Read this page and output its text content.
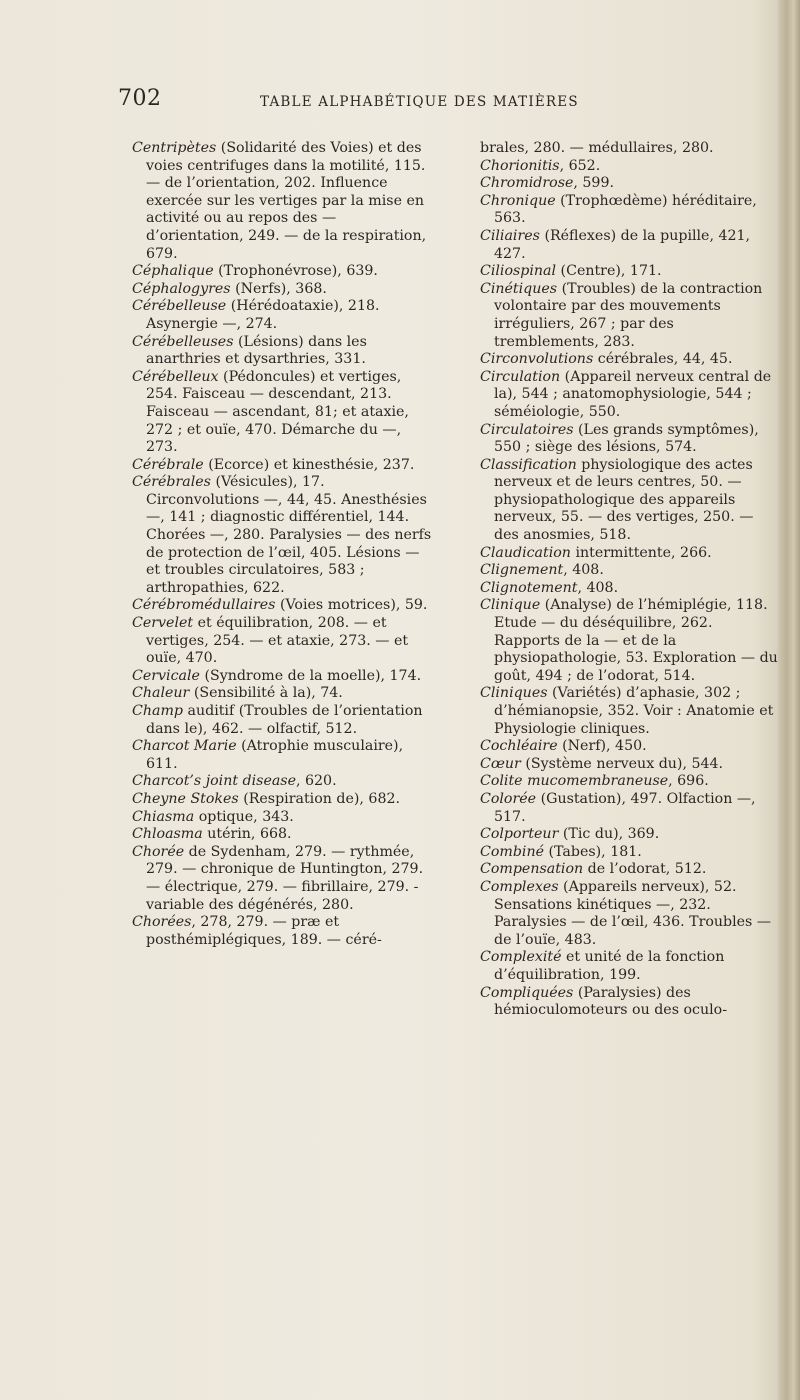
702	TABLE ALPHABÉTIQUE DES MATIÈRES

Centripètes (Solidarité des Voies) et des voies centrifuges dans la motilité, 115. — de l’orientation, 202. Influence exercée sur les vertiges par la mise en activité ou au repos des — d’orientation, 249. — de la respiration, 679.

Céphalique (Trophonévrose), 639.

Céphalogyres (Nerfs), 368.

Cérébelleuse (Hérédoataxie), 218. Asynergie —, 274.

Cérébelleuses (Lésions) dans les anarthries et dysarthries, 331.

Cérébelleux (Pédoncules) et vertiges, 254. Faisceau — descendant, 213. Faisceau — ascendant, 81; et ataxie, 272 ; et ouïe, 470. Démarche du —, 273.

Cérébrale (Ecorce) et kinesthésie, 237.

Cérébrales (Vésicules), 17. Circonvolutions —, 44, 45. Anesthésies —, 141 ; diagnostic différentiel, 144. Chorées —, 280. Paralysies — des nerfs de protection de l’œil, 405. Lésions — et troubles circulatoires, 583 ; arthropathies, 622.

Cérébromédullaires (Voies motrices), 59.

Cervelet et équilibration, 208. — et vertiges, 254. — et ataxie, 273. — et ouïe, 470.

Cervicale (Syndrome de la moelle), 174.

Chaleur (Sensibilité à la), 74.

Champ auditif (Troubles de l’orientation dans le), 462. — olfactif, 512.

Charcot Marie (Atrophie musculaire), 611.

Charcot’s joint disease, 620.

Cheyne Stokes (Respiration de), 682.

Chiasma optique, 343.

Chloasma utérin, 668.

Chorée de Sydenham, 279. — rythmée, 279. — chronique de Huntington, 279. — électrique, 279. — fibrillaire, 279. - variable des dégénérés, 280.

Chorées, 278, 279. — præ et posthémiplégiques, 189. — céré-

brales, 280. — médullaires, 280.

Chorionitis, 652.

Chromidrose, 599.

Chronique (Trophœdème) héréditaire, 563.

Ciliaires (Réflexes) de la pupille, 421, 427.

Ciliospinal (Centre), 171.

Cinétiques (Troubles) de la contraction volontaire par des mouvements irréguliers, 267 ; par des tremblements, 283.

Circonvolutions cérébrales, 44, 45.

Circulation (Appareil nerveux central de la), 544 ; anatomophysiologie, 544 ; séméiologie, 550.

Circulatoires (Les grands symptômes), 550 ; siège des lésions, 574.

Classification physiologique des actes nerveux et de leurs centres, 50. — physiopathologique des appareils nerveux, 55. — des vertiges, 250. — des anosmies, 518.

Claudication intermittente, 266.

Clignement, 408.

Clignotement, 408.

Clinique (Analyse) de l’hémiplégie, 118. Etude — du déséquilibre, 262. Rapports de la — et de la physiopathologie, 53. Exploration — du goût, 494 ; de l’odorat, 514.

Cliniques (Variétés) d’aphasie, 302 ; d’hémianopsie, 352. Voir : Anatomie et Physiologie cliniques.

Cochléaire (Nerf), 450.

Cœur (Système nerveux du), 544.

Colite mucomembraneuse, 696.

Colorée (Gustation), 497. Olfaction —, 517.

Colporteur (Tic du), 369.

Combiné (Tabes), 181.

Compensation de l’odorat, 512.

Complexes (Appareils nerveux), 52. Sensations kinétiques —, 232. Paralysies — de l’œil, 436. Troubles — de l’ouïe, 483.

Complexité et unité de la fonction d’équilibration, 199.

Compliquées (Paralysies) des hémioculomoteurs ou des oculo-
